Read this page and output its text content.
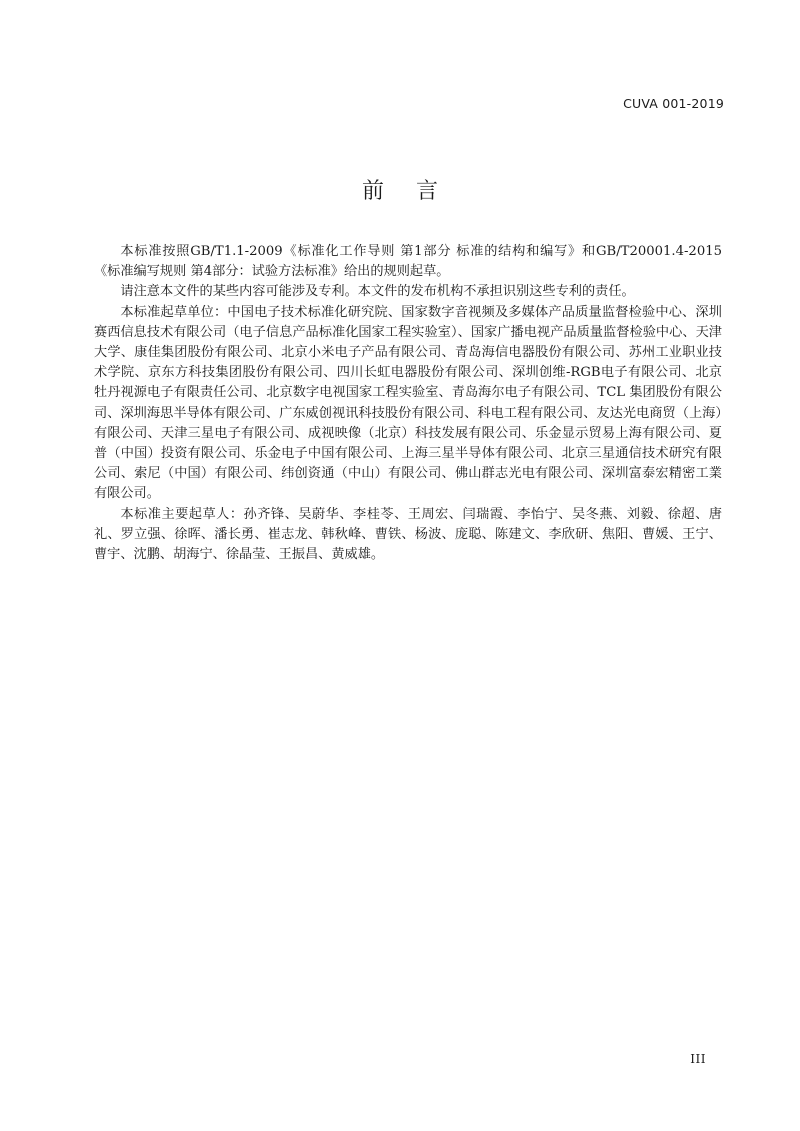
CUVA 001-2019
前言

本标准按照GB/T1.1-2009《标准化工作导则 第1部分 标准的结构和编写》和GB/T20001.4-2015《标准编写规则 第4部分：试验方法标准》给出的规则起草。

请注意本文件的某些内容可能涉及专利。本文件的发布机构不承担识别这些专利的责任。

本标准起草单位：中国电子技术标准化研究院、国家数字音视频及多媒体产品质量监督检验中心、深圳赛西信息技术有限公司（电子信息产品标准化国家工程实验室）、国家广播电视产品质量监督检验中心、天津大学、康佳集团股份有限公司、北京小米电子产品有限公司、青岛海信电器股份有限公司、苏州工业职业技术学院、京东方科技集团股份有限公司、四川长虹电器股份有限公司、深圳创维-RGB电子有限公司、北京牡丹视源电子有限责任公司、北京数字电视国家工程实验室、青岛海尔电子有限公司、TCL 集团股份有限公司、深圳海思半导体有限公司、广东威创视讯科技股份有限公司、科电工程有限公司、友达光电商贸（上海）有限公司、天津三星电子有限公司、成视映像（北京）科技发展有限公司、乐金显示贸易上海有限公司、夏普（中国）投资有限公司、乐金电子中国有限公司、上海三星半导体有限公司、北京三星通信技术研究有限公司、索尼（中国）有限公司、纬创资通（中山）有限公司、佛山群志光电有限公司、深圳富泰宏精密工業有限公司。

本标准主要起草人：孙齐锋、吴蔚华、李桂苓、王周宏、闫瑞霞、李怡宁、吴冬燕、刘毅、徐超、唐礼、罗立强、徐晖、潘长勇、崔志龙、韩秋峰、曹铁、杨波、庞聪、陈建文、李欣研、焦阳、曹媛、王宁、曹宇、沈鹏、胡海宁、徐晶莹、王振昌、黄威雄。

III
